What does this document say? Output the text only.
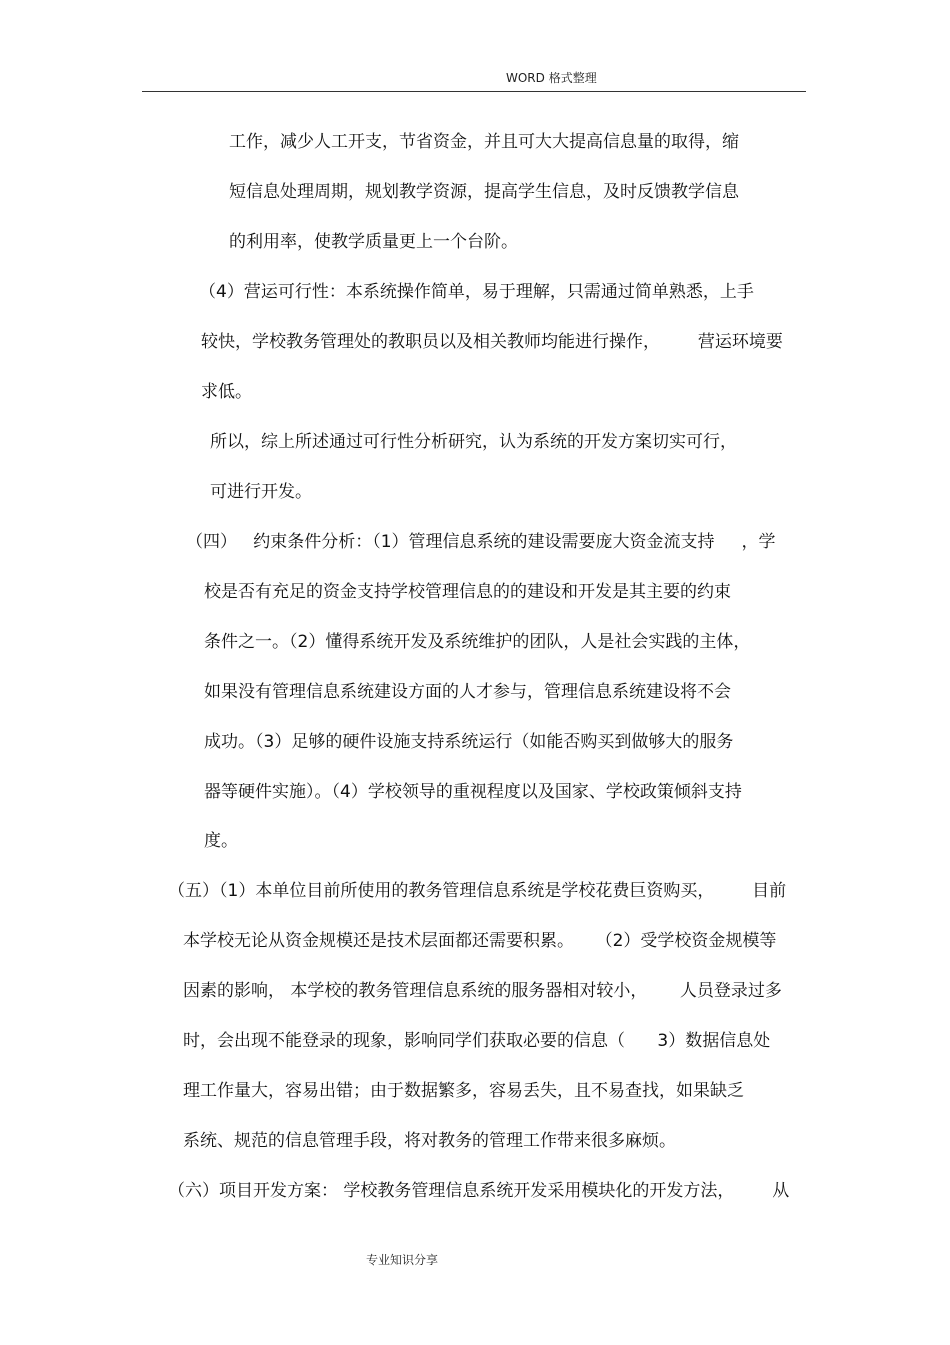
WORD 格式整理
工作，减少人工开支，节省资金，并且可大大提高信息量的取得，缩
短信息处理周期，规划教学资源，提高学生信息，及时反馈教学信息
的利用率，使教学质量更上一个台阶。
（4）营运可行性：本系统操作简单，易于理解，只需通过简单熟悉，上手
较快，学校教务管理处的教职员以及相关教师均能进行操作，       营运环境要
求低。
所以，综上所述通过可行性分析研究，认为系统的开发方案切实可行，
可进行开发。
（四）   约束条件分析：（1）管理信息系统的建设需要庞大资金流支持     ，学
校是否有充足的资金支持学校管理信息的的建设和开发是其主要的约束
条件之一。（2）懂得系统开发及系统维护的团队，人是社会实践的主体，
如果没有管理信息系统建设方面的人才参与，管理信息系统建设将不会
成功。（3）足够的硬件设施支持系统运行（如能否购买到做够大的服务
器等硬件实施）。（4）学校领导的重视程度以及国家、学校政策倾斜支持
度。
（五）（1）本单位目前所使用的教务管理信息系统是学校花费巨资购买，       目前
本学校无论从资金规模还是技术层面都还需要积累。    （2）受学校资金规模等
因素的影响， 本学校的教务管理信息系统的服务器相对较小，      人员登录过多
时，会出现不能登录的现象，影响同学们获取必要的信息（      3）数据信息处
理工作量大，容易出错；由于数据繁多，容易丢失，且不易查找，如果缺乏
系统、规范的信息管理手段，将对教务的管理工作带来很多麻烦。
（六）项目开发方案： 学校教务管理信息系统开发采用模块化的开发方法，       从
专业知识分享
